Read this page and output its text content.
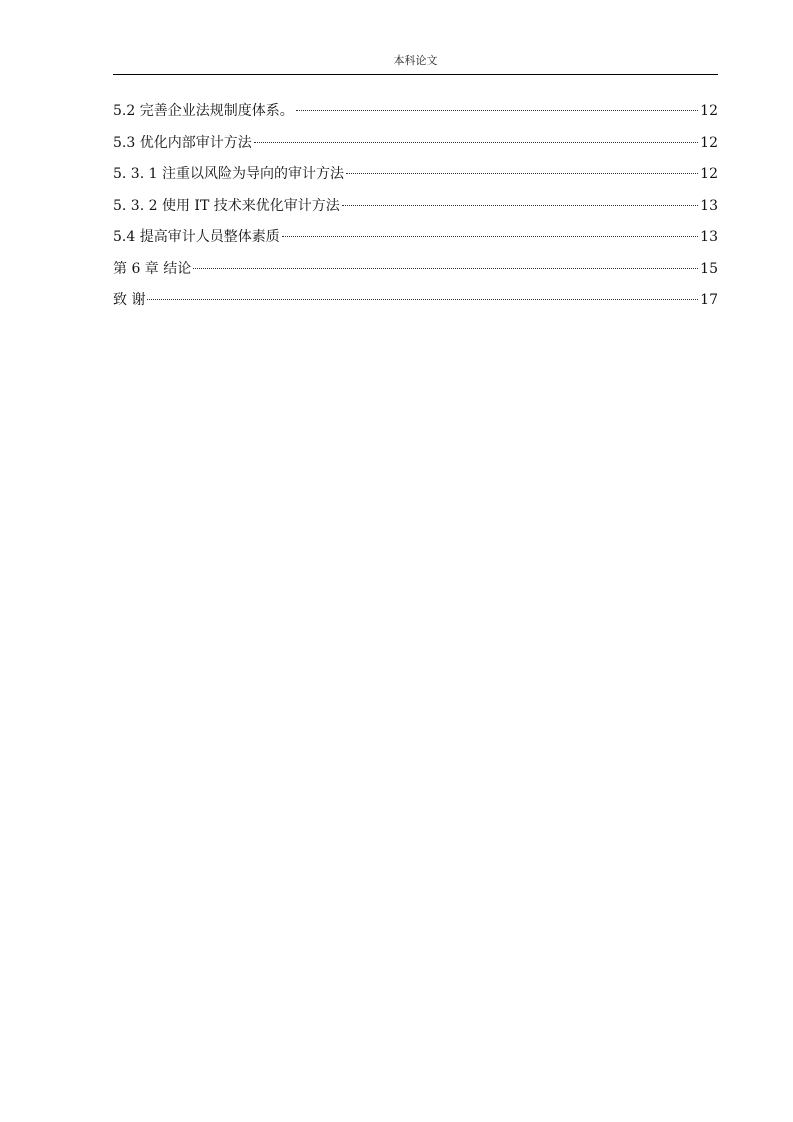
本科论文
5.2 完善企业法规制度体系。	12
5.3 优化内部审计方法	12
5. 3. 1 注重以风险为导向的审计方法	12
5. 3. 2 使用 IT 技术来优化审计方法	13
5.4 提高审计人员整体素质	13
第 6 章 结论	15
致 谢	17
